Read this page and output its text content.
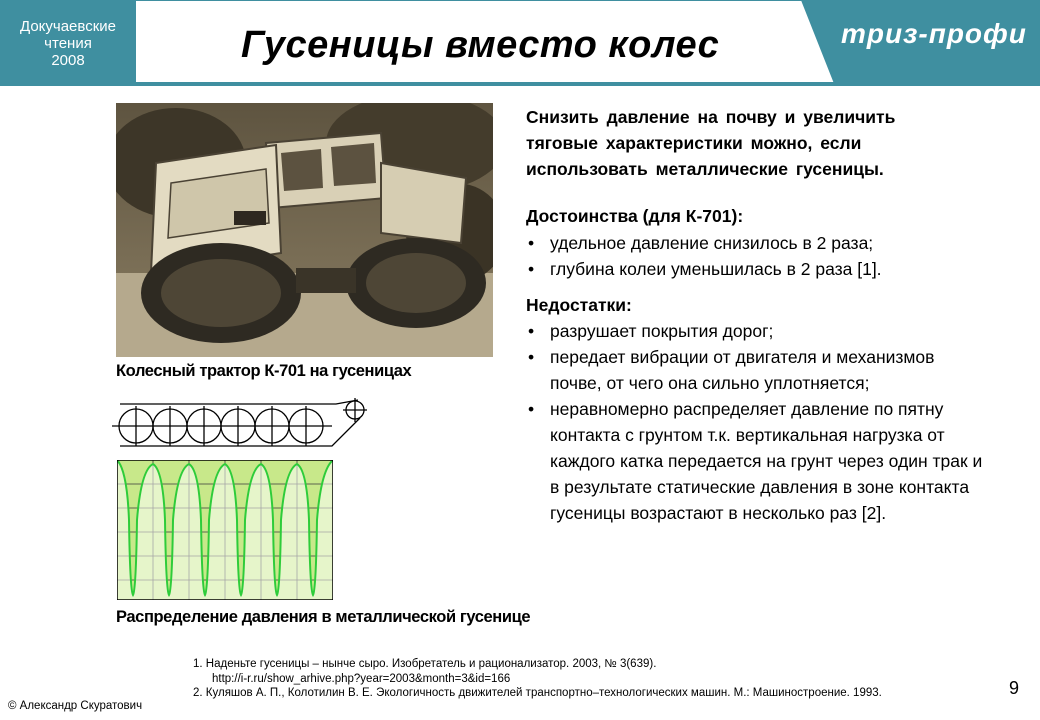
Докучаевские
чтения
2008	Гусеницы вместо колес	триз-профи
Колесный трактор К-701 на гусеницах
Распределение давления в металлической гусенице
Снизить давление на почву и увеличить тяговые характеристики можно, если использовать металлические гусеницы.
Достоинства (для К-701):
• удельное давление снизилось в 2 раза;
• глубина колеи уменьшилась в 2 раза [1].
Недостатки:
• разрушает покрытия дорог;
• передает вибрации от двигателя и механизмов почве, от чего она сильно уплотняется;
• неравномерно распределяет давление по пятну контакта с грунтом т.к. вертикальная нагрузка от каждого катка передается на грунт через один трак и в результате статические давления в зоне контакта гусеницы возрастают в несколько раз [2].
1. Наденьте гусеницы – нынче сыро. Изобретатель и рационализатор. 2003, № 3(639).
http://i-r.ru/show_arhive.php?year=2003&month=3&id=166
2. Куляшов А. П., Колотилин В. Е. Экологичность движителей транспортно–технологических машин. М.: Машиностроение. 1993.
© Александр Скуратович
9
